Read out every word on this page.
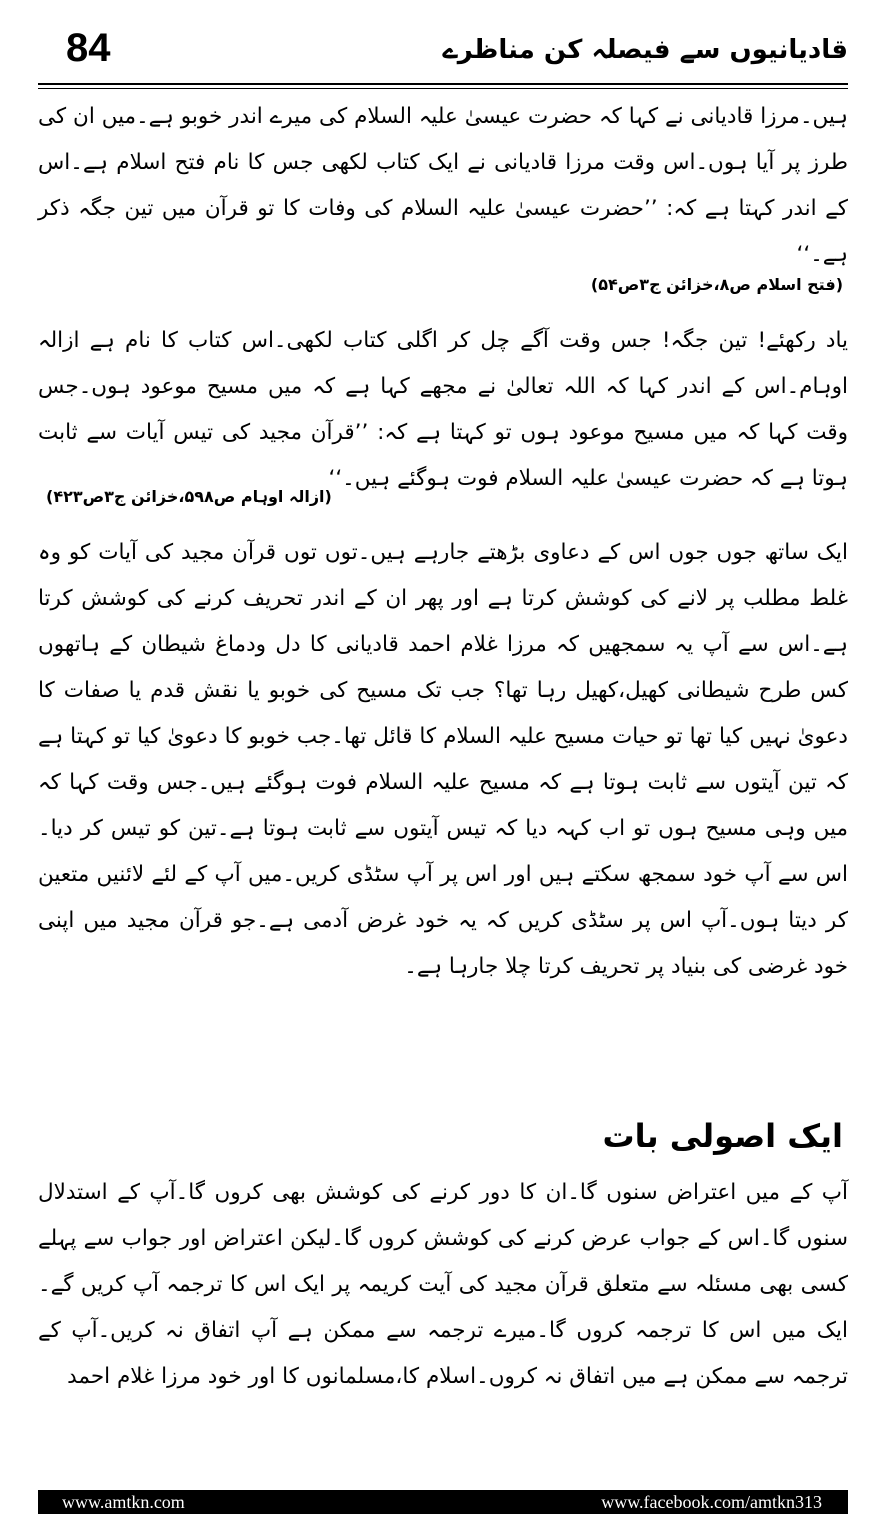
84	قادیانیوں سے فیصلہ کن مناظرے

ہیں۔مرزا قادیانی نے کہا کہ حضرت عیسیٰ علیہ السلام کی میرے اندر خوبو ہے۔میں ان کی طرز پر آیا ہوں۔اس وقت مرزا قادیانی نے ایک کتاب لکھی جس کا نام فتح اسلام ہے۔اس کے اندر کہتا ہے کہ: ’’حضرت عیسیٰ علیہ السلام کی وفات کا تو قرآن میں تین جگہ ذکر ہے۔‘‘

(فتح اسلام ص۸،خزائن ج۳ص۵۴)

یاد رکھئے! تین جگہ! جس وقت آگے چل کر اگلی کتاب لکھی۔اس کتاب کا نام ہے ازالہ اوہام۔اس کے اندر کہا کہ اللہ تعالیٰ نے مجھے کہا ہے کہ میں مسیح موعود ہوں۔جس وقت کہا کہ میں مسیح موعود ہوں تو کہتا ہے کہ: ’’قرآن مجید کی تیس آیات سے ثابت ہوتا ہے کہ حضرت عیسیٰ علیہ السلام فوت ہوگئے ہیں۔‘‘

(ازالہ اوہام ص۵۹۸،خزائن ج۳ص۴۲۳)

ایک ساتھ جوں جوں اس کے دعاوی بڑھتے جارہے ہیں۔توں توں قرآن مجید کی آیات کو وہ غلط مطلب پر لانے کی کوشش کرتا ہے اور پھر ان کے اندر تحریف کرنے کی کوشش کرتا ہے۔اس سے آپ یہ سمجھیں کہ مرزا غلام احمد قادیانی کا دل ودماغ شیطان کے ہاتھوں کس طرح شیطانی کھیل،کھیل رہا تھا؟ جب تک مسیح کی خوبو یا نقش قدم یا صفات کا دعویٰ نہیں کیا تھا تو حیات مسیح علیہ السلام کا قائل تھا۔جب خوبو کا دعویٰ کیا تو کہتا ہے کہ تین آیتوں سے ثابت ہوتا ہے کہ مسیح علیہ السلام فوت ہوگئے ہیں۔جس وقت کہا کہ میں وہی مسیح ہوں تو اب کہہ دیا کہ تیس آیتوں سے ثابت ہوتا ہے۔تین کو تیس کر دیا۔اس سے آپ خود سمجھ سکتے ہیں اور اس پر آپ سٹڈی کریں۔میں آپ کے لئے لائنیں متعین کر دیتا ہوں۔آپ اس پر سٹڈی کریں کہ یہ خود غرض آدمی ہے۔جو قرآن مجید میں اپنی خود غرضی کی بنیاد پر تحریف کرتا چلا جارہا ہے۔

ایک اصولی بات

آپ کے میں اعتراض سنوں گا۔ان کا دور کرنے کی کوشش بھی کروں گا۔آپ کے استدلال سنوں گا۔اس کے جواب عرض کرنے کی کوشش کروں گا۔لیکن اعتراض اور جواب سے پہلے کسی بھی مسئلہ سے متعلق قرآن مجید کی آیت کریمہ پر ایک اس کا ترجمہ آپ کریں گے۔ایک میں اس کا ترجمہ کروں گا۔میرے ترجمہ سے ممکن ہے آپ اتفاق نہ کریں۔آپ کے ترجمہ سے ممکن ہے میں اتفاق نہ کروں۔اسلام کا،مسلمانوں کا اور خود مرزا غلام احمد

www.amtkn.com	www.facebook.com/amtkn313
